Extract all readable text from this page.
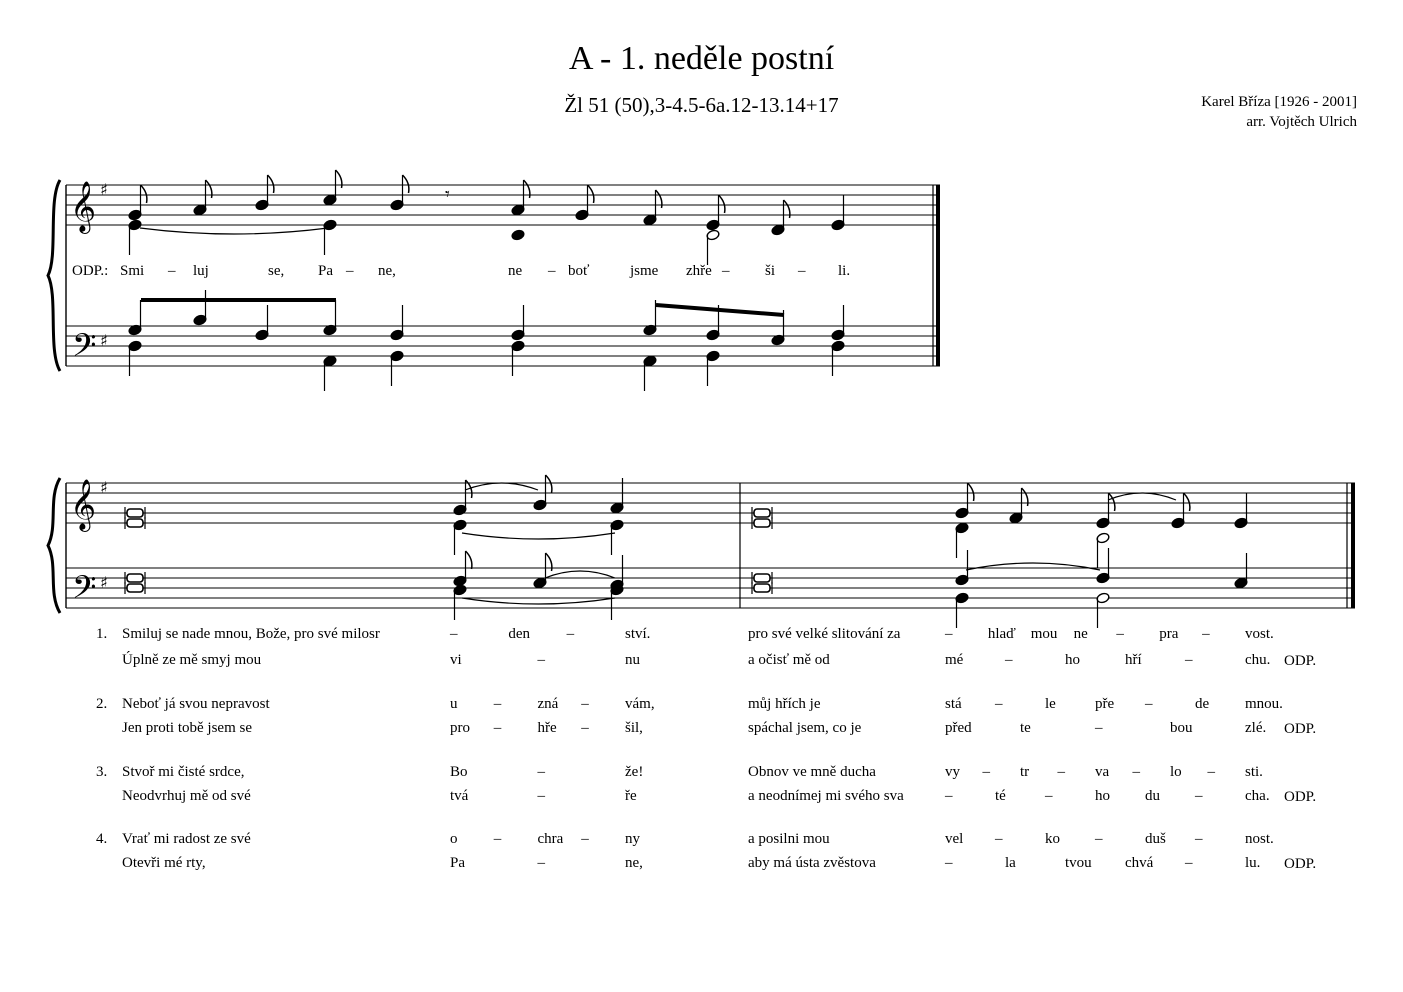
A - 1. neděle postní
Žl 51 (50),3-4.5-6a.12-13.14+17	Karel Bříza [1926 - 2001]
arr. Vojtěch Ulrich
𝄞 ♯
𝄢 ♯
𝄾
ODP.: Smi – luj	se, Pa – ne,	ne – boť	jsme zhře – ši – li.
𝄞 ♯
𝄢 ♯
1. Smiluj se nade mnou, Bože, pro své milosr	–	den –	ství.	pro své velké slitování za	– hlaď mou ne – pra – vost.
Úplně ze mě smyj mou	vi	–	nu	a očisť mě od	mé	–	ho	hří	–	chu. ODP.
2. Neboť já svou nepravost	u – zná – vám,	můj hřích je	stá –	le	pře –	de mnou.
Jen proti tobě jsem se	pro – hře – šil,	spáchal jsem, co je	před	te	–	bou	zlé. ODP.
3. Stvoř mi čisté srdce,	Bo	–	že!	Obnov ve mně ducha	vy – tr – va – lo – sti.
Neodvrhuj mě od své	tvá	–	ře	a neodnímej mi svého sva	–	té	–	ho du –	cha. ODP.
4. Vrať mi radost ze své	o – chra – ny	a posilni mou	vel –	ko –	duš –	nost.
Otevři mé rty,	Pa	–	ne,	aby má ústa zvěstova	–	la	tvou chvá –	lu. ODP.
